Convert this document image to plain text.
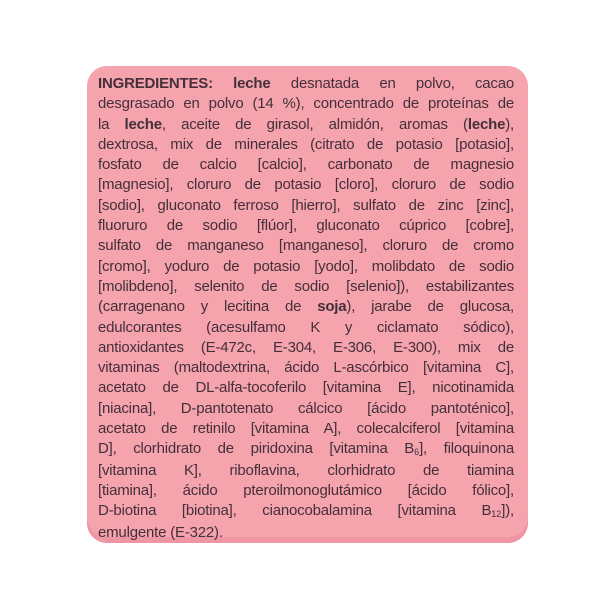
INGREDIENTES: leche desnatada en polvo, cacao
desgrasado en polvo (14 %), concentrado de proteínas de
la leche, aceite de girasol, almidón, aromas (leche),
dextrosa, mix de minerales (citrato de potasio [potasio],
fosfato de calcio [calcio], carbonato de magnesio
[magnesio], cloruro de potasio [cloro], cloruro de sodio
[sodio], gluconato ferroso [hierro], sulfato de zinc [zinc],
fluoruro de sodio [flúor], gluconato cúprico [cobre],
sulfato de manganeso [manganeso], cloruro de cromo
[cromo], yoduro de potasio [yodo], molibdato de sodio
[molibdeno], selenito de sodio [selenio]), estabilizantes
(carragenano y lecitina de soja), jarabe de glucosa,
edulcorantes (acesulfamo K y ciclamato sódico),
antioxidantes (E-472c, E-304, E-306, E-300), mix de
vitaminas (maltodextrina, ácido L-ascórbico [vitamina C],
acetato de DL-alfa-tocoferilo [vitamina E], nicotinamida
[niacina], D-pantotenato cálcico [ácido pantoténico],
acetato de retinilo [vitamina A], colecalciferol [vitamina
D], clorhidrato de piridoxina [vitamina B6], filoquinona
[vitamina K], riboflavina, clorhidrato de tiamina
[tiamina], ácido pteroilmonoglutámico [ácido fólico],
D-biotina [biotina], cianocobalamina [vitamina B12]),
emulgente (E-322).
